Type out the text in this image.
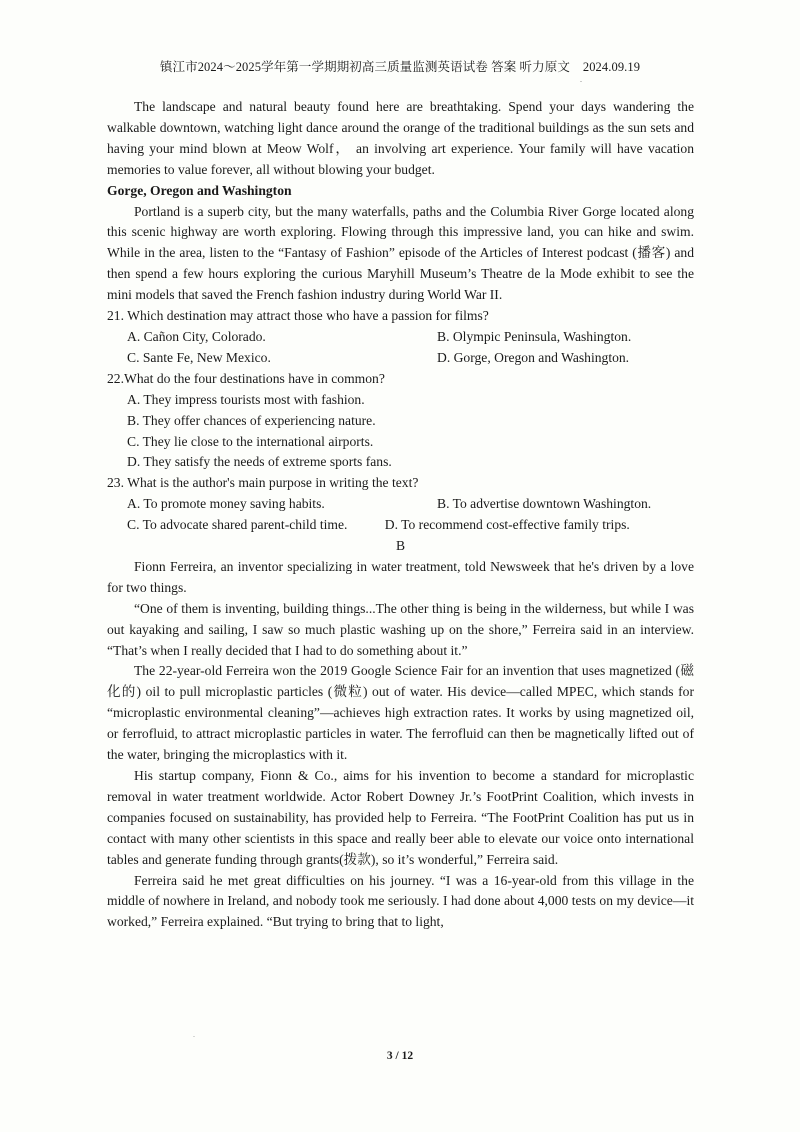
镇江市2024～2025学年第一学期期初高三质量监测英语试卷 答案 听力原文 2024.09.19
.

The landscape and natural beauty found here are breathtaking. Spend your days wandering the walkable downtown, watching light dance around the orange of the traditional buildings as the sun sets and having your mind blown at Meow Wolf， an involving art experience. Your family will have vacation memories to value forever, all without blowing your budget.

Gorge, Oregon and Washington

Portland is a superb city, but the many waterfalls, paths and the Columbia River Gorge located along this scenic highway are worth exploring. Flowing through this impressive land, you can hike and swim. While in the area, listen to the “Fantasy of Fashion” episode of the Articles of Interest podcast (播客) and then spend a few hours exploring the curious Maryhill Museum’s Theatre de la Mode exhibit to see the mini models that saved the French fashion industry during World War II.

21. Which destination may attract those who have a passion for films?

A. Cañon City, Colorado.	B. Olympic Peninsula, Washington.
C. Sante Fe, New Mexico.	D. Gorge, Oregon and Washington.

22.What do the four destinations have in common?

A. They impress tourists most with fashion.

B. They offer chances of experiencing nature.

C. They lie close to the international airports.

D. They satisfy the needs of extreme sports fans.

23. What is the author's main purpose in writing the text?

A. To promote money saving habits.	B. To advertise downtown Washington.

C. To advocate shared parent-child time.	D. To recommend cost-effective family trips.

B

Fionn Ferreira, an inventor specializing in water treatment, told Newsweek that he's driven by a love for two things.

“One of them is inventing, building things...The other thing is being in the wilderness, but while I was out kayaking and sailing, I saw so much plastic washing up on the shore,” Ferreira said in an interview. “That’s when I really decided that I had to do something about it.”

The 22-year-old Ferreira won the 2019 Google Science Fair for an invention that uses magnetized (磁化的) oil to pull microplastic particles (微粒) out of water. His device—called MPEC, which stands for “microplastic environmental cleaning”—achieves high extraction rates. It works by using magnetized oil, or ferrofluid, to attract microplastic particles in water. The ferrofluid can then be magnetically lifted out of the water, bringing the microplastics with it.

His startup company, Fionn & Co., aims for his invention to become a standard for microplastic removal in water treatment worldwide. Actor Robert Downey Jr.’s FootPrint Coalition, which invests in companies focused on sustainability, has provided help to Ferreira. “The FootPrint Coalition has put us in contact with many other scientists in this space and really beer able to elevate our voice onto international tables and generate funding through grants(拨款), so it’s wonderful,” Ferreira said.

Ferreira said he met great difficulties on his journey. “I was a 16-year-old from this village in the middle of nowhere in Ireland, and nobody took me seriously. I had done about 4,000 tests on my device—it worked,” Ferreira explained. “But trying to bring that to light,

.
3 / 12
